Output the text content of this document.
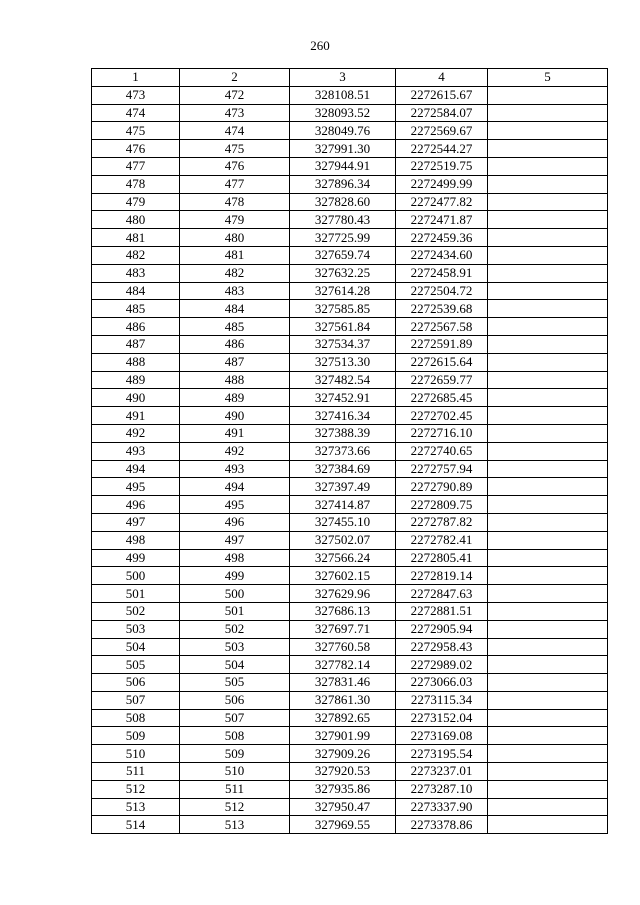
260
1	2	3	4	5
473	472	328108.51	2272615.67	
474	473	328093.52	2272584.07	
475	474	328049.76	2272569.67	
476	475	327991.30	2272544.27	
477	476	327944.91	2272519.75	
478	477	327896.34	2272499.99	
479	478	327828.60	2272477.82	
480	479	327780.43	2272471.87	
481	480	327725.99	2272459.36	
482	481	327659.74	2272434.60	
483	482	327632.25	2272458.91	
484	483	327614.28	2272504.72	
485	484	327585.85	2272539.68	
486	485	327561.84	2272567.58	
487	486	327534.37	2272591.89	
488	487	327513.30	2272615.64	
489	488	327482.54	2272659.77	
490	489	327452.91	2272685.45	
491	490	327416.34	2272702.45	
492	491	327388.39	2272716.10	
493	492	327373.66	2272740.65	
494	493	327384.69	2272757.94	
495	494	327397.49	2272790.89	
496	495	327414.87	2272809.75	
497	496	327455.10	2272787.82	
498	497	327502.07	2272782.41	
499	498	327566.24	2272805.41	
500	499	327602.15	2272819.14	
501	500	327629.96	2272847.63	
502	501	327686.13	2272881.51	
503	502	327697.71	2272905.94	
504	503	327760.58	2272958.43	
505	504	327782.14	2272989.02	
506	505	327831.46	2273066.03	
507	506	327861.30	2273115.34	
508	507	327892.65	2273152.04	
509	508	327901.99	2273169.08	
510	509	327909.26	2273195.54	
511	510	327920.53	2273237.01	
512	511	327935.86	2273287.10	
513	512	327950.47	2273337.90	
514	513	327969.55	2273378.86	
